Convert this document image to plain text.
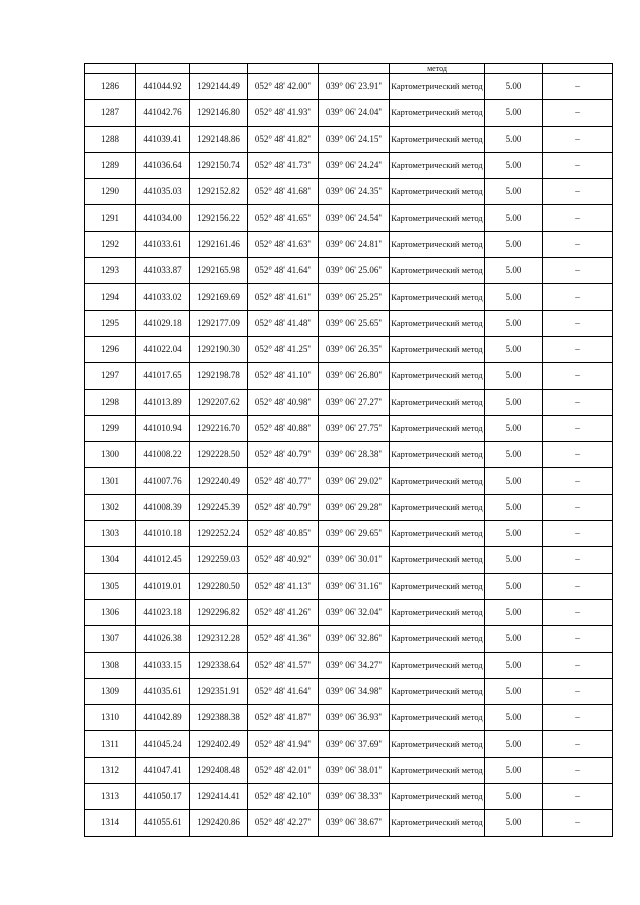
					метод		
1286	441044.92	1292144.49	052° 48' 42.00"	039° 06' 23.91"	Картометрический метод	5.00	–
1287	441042.76	1292146.80	052° 48' 41.93"	039° 06' 24.04"	Картометрический метод	5.00	–
1288	441039.41	1292148.86	052° 48' 41.82"	039° 06' 24.15"	Картометрический метод	5.00	–
1289	441036.64	1292150.74	052° 48' 41.73"	039° 06' 24.24"	Картометрический метод	5.00	–
1290	441035.03	1292152.82	052° 48' 41.68"	039° 06' 24.35"	Картометрический метод	5.00	–
1291	441034.00	1292156.22	052° 48' 41.65"	039° 06' 24.54"	Картометрический метод	5.00	–
1292	441033.61	1292161.46	052° 48' 41.63"	039° 06' 24.81"	Картометрический метод	5.00	–
1293	441033.87	1292165.98	052° 48' 41.64"	039° 06' 25.06"	Картометрический метод	5.00	–
1294	441033.02	1292169.69	052° 48' 41.61"	039° 06' 25.25"	Картометрический метод	5.00	–
1295	441029.18	1292177.09	052° 48' 41.48"	039° 06' 25.65"	Картометрический метод	5.00	–
1296	441022.04	1292190.30	052° 48' 41.25"	039° 06' 26.35"	Картометрический метод	5.00	–
1297	441017.65	1292198.78	052° 48' 41.10"	039° 06' 26.80"	Картометрический метод	5.00	–
1298	441013.89	1292207.62	052° 48' 40.98"	039° 06' 27.27"	Картометрический метод	5.00	–
1299	441010.94	1292216.70	052° 48' 40.88"	039° 06' 27.75"	Картометрический метод	5.00	–
1300	441008.22	1292228.50	052° 48' 40.79"	039° 06' 28.38"	Картометрический метод	5.00	–
1301	441007.76	1292240.49	052° 48' 40.77"	039° 06' 29.02"	Картометрический метод	5.00	–
1302	441008.39	1292245.39	052° 48' 40.79"	039° 06' 29.28"	Картометрический метод	5.00	–
1303	441010.18	1292252.24	052° 48' 40.85"	039° 06' 29.65"	Картометрический метод	5.00	–
1304	441012.45	1292259.03	052° 48' 40.92"	039° 06' 30.01"	Картометрический метод	5.00	–
1305	441019.01	1292280.50	052° 48' 41.13"	039° 06' 31.16"	Картометрический метод	5.00	–
1306	441023.18	1292296.82	052° 48' 41.26"	039° 06' 32.04"	Картометрический метод	5.00	–
1307	441026.38	1292312.28	052° 48' 41.36"	039° 06' 32.86"	Картометрический метод	5.00	–
1308	441033.15	1292338.64	052° 48' 41.57"	039° 06' 34.27"	Картометрический метод	5.00	–
1309	441035.61	1292351.91	052° 48' 41.64"	039° 06' 34.98"	Картометрический метод	5.00	–
1310	441042.89	1292388.38	052° 48' 41.87"	039° 06' 36.93"	Картометрический метод	5.00	–
1311	441045.24	1292402.49	052° 48' 41.94"	039° 06' 37.69"	Картометрический метод	5.00	–
1312	441047.41	1292408.48	052° 48' 42.01"	039° 06' 38.01"	Картометрический метод	5.00	–
1313	441050.17	1292414.41	052° 48' 42.10"	039° 06' 38.33"	Картометрический метод	5.00	–
1314	441055.61	1292420.86	052° 48' 42.27"	039° 06' 38.67"	Картометрический метод	5.00	–
